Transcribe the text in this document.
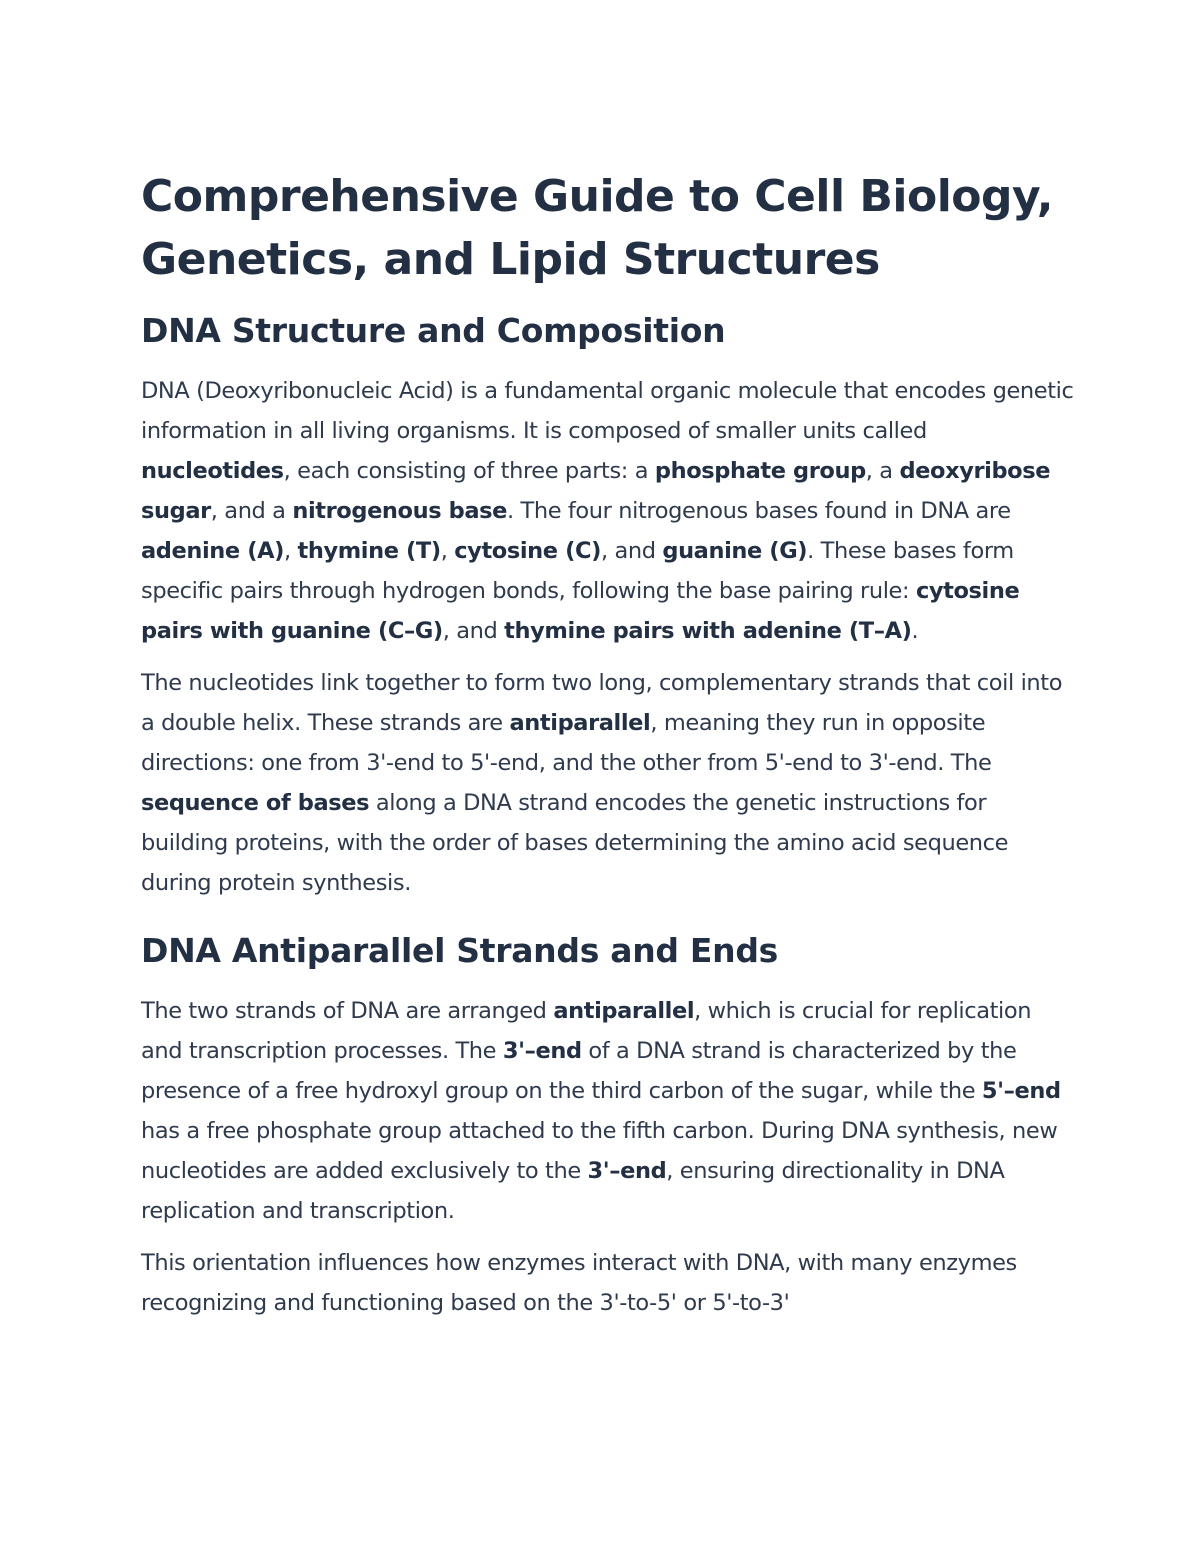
Comprehensive Guide to Cell Biology, Genetics, and Lipid Structures
DNA Structure and Composition

DNA (Deoxyribonucleic Acid) is a fundamental organic molecule that encodes genetic information in all living organisms. It is composed of smaller units called nucleotides, each consisting of three parts: a phosphate group, a deoxyribose sugar, and a nitrogenous base. The four nitrogenous bases found in DNA are adenine (A), thymine (T), cytosine (C), and guanine (G). These bases form specific pairs through hydrogen bonds, following the base pairing rule: cytosine pairs with guanine (C–G), and thymine pairs with adenine (T–A).

The nucleotides link together to form two long, complementary strands that coil into a double helix. These strands are antiparallel, meaning they run in opposite directions: one from 3'-end to 5'-end, and the other from 5'-end to 3'-end. The sequence of bases along a DNA strand encodes the genetic instructions for building proteins, with the order of bases determining the amino acid sequence during protein synthesis.

DNA Antiparallel Strands and Ends

The two strands of DNA are arranged antiparallel, which is crucial for replication and transcription processes. The 3'–end of a DNA strand is characterized by the presence of a free hydroxyl group on the third carbon of the sugar, while the 5'–end has a free phosphate group attached to the fifth carbon. During DNA synthesis, new nucleotides are added exclusively to the 3'–end, ensuring directionality in DNA replication and transcription.

This orientation influences how enzymes interact with DNA, with many enzymes recognizing and functioning based on the 3'-to-5' or 5'-to-3'
